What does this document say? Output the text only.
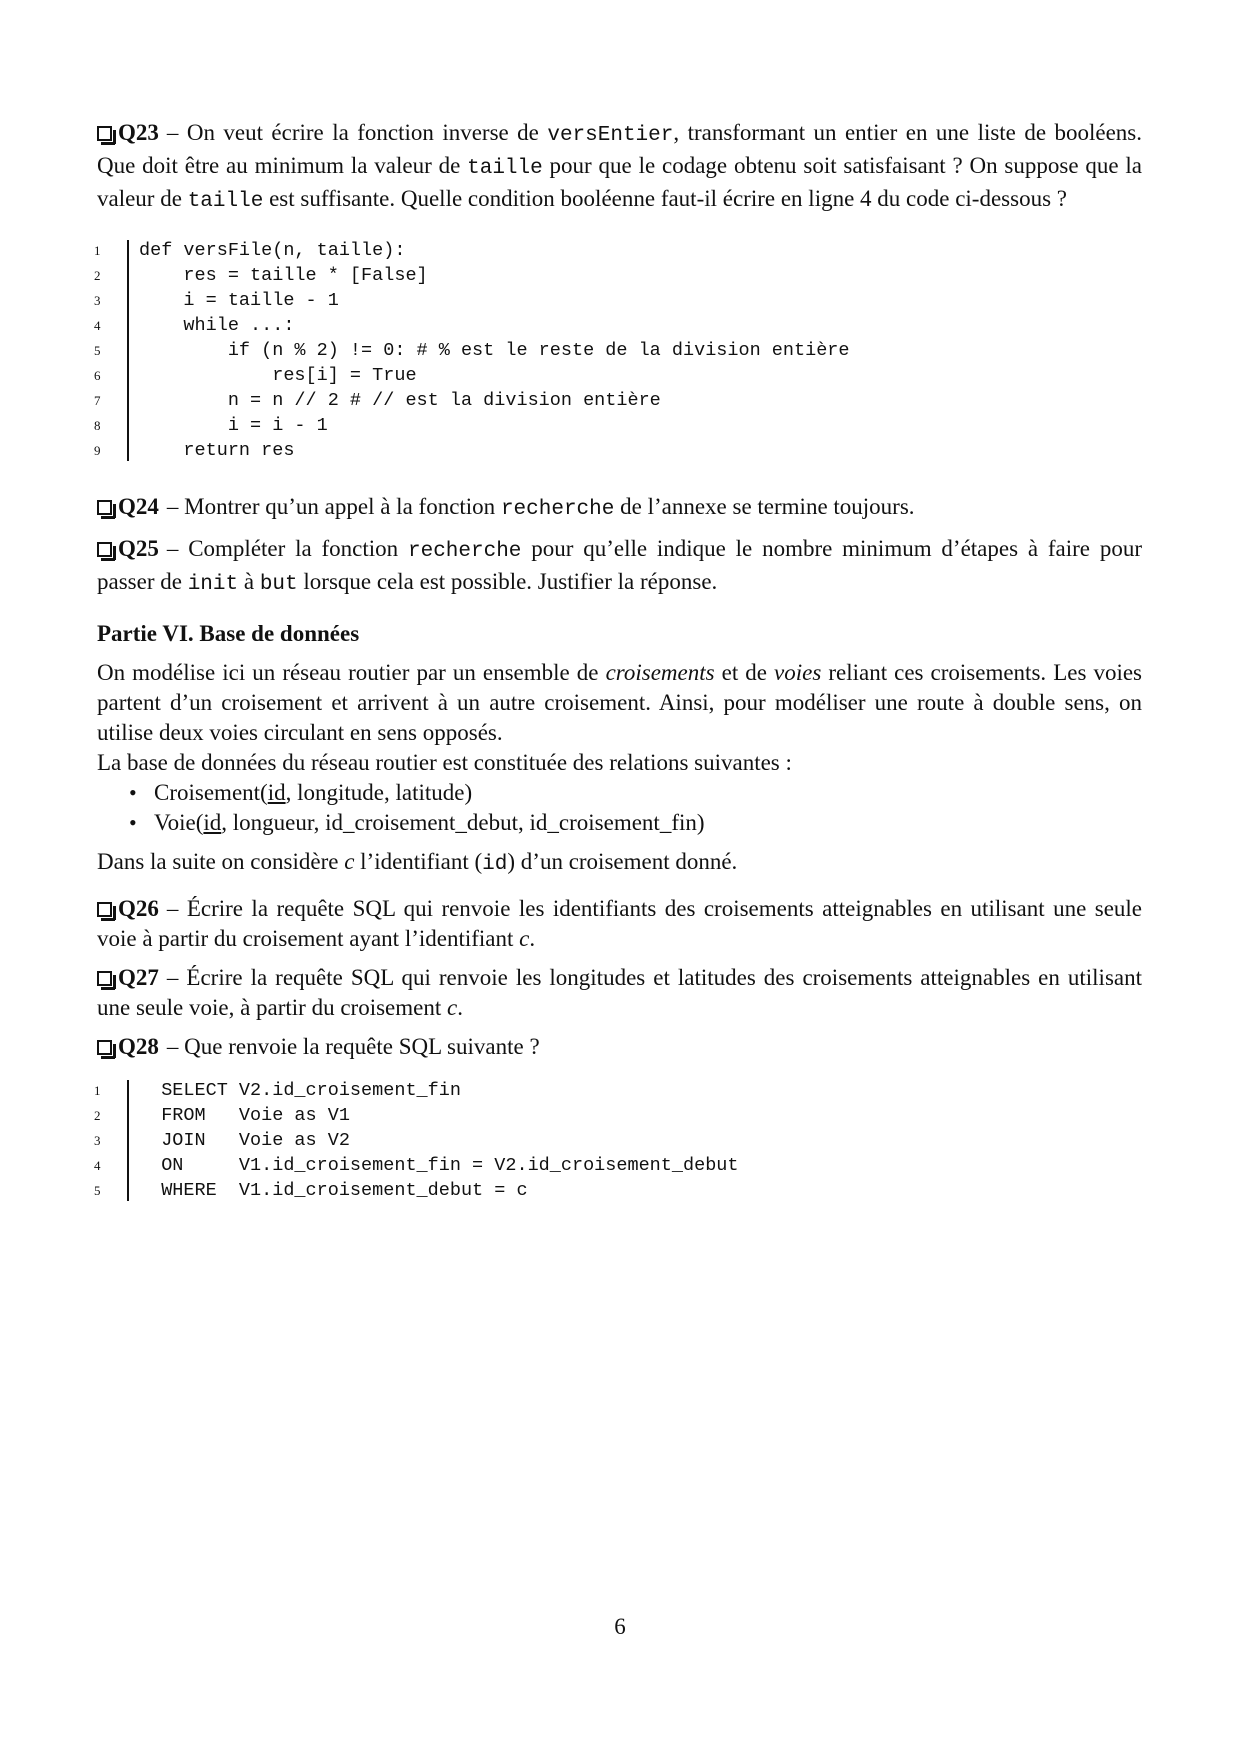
Q23 – On veut écrire la fonction inverse de versEntier, transformant un entier en une liste de booléens. Que doit être au minimum la valeur de taille pour que le codage obtenu soit satisfaisant ? On suppose que la valeur de taille est suffisante. Quelle condition booléenne faut-il écrire en ligne 4 du code ci-dessous ?

1	def versFile(n, taille):
2	res = taille * [False]
3	i = taille - 1
4	while ...:
5	if (n % 2) != 0: # % est le reste de la division entière
6	res[i] = True
7	n = n // 2 # // est la division entière
8	i = i - 1
9	return res

Q24 – Montrer qu’un appel à la fonction recherche de l’annexe se termine toujours.

Q25 – Compléter la fonction recherche pour qu’elle indique le nombre minimum d’étapes à faire pour passer de init à but lorsque cela est possible. Justifier la réponse.

Partie VI. Base de données

On modélise ici un réseau routier par un ensemble de croisements et de voies reliant ces croisements. Les voies partent d’un croisement et arrivent à un autre croisement. Ainsi, pour modéliser une route à double sens, on utilise deux voies circulant en sens opposés.

La base de données du réseau routier est constituée des relations suivantes :

• Croisement(id, longitude, latitude)
• Voie(id, longueur, id_croisement_debut, id_croisement_fin)

Dans la suite on considère c l’identifiant (id) d’un croisement donné.

Q26 – Écrire la requête SQL qui renvoie les identifiants des croisements atteignables en utilisant une seule voie à partir du croisement ayant l’identifiant c.

Q27 – Écrire la requête SQL qui renvoie les longitudes et latitudes des croisements atteignables en utilisant une seule voie, à partir du croisement c.

Q28 – Que renvoie la requête SQL suivante ?

1	SELECT V2.id_croisement_fin
2	FROM   Voie as V1
3	JOIN   Voie as V2
4	ON     V1.id_croisement_fin = V2.id_croisement_debut
5	WHERE  V1.id_croisement_debut = c
6
